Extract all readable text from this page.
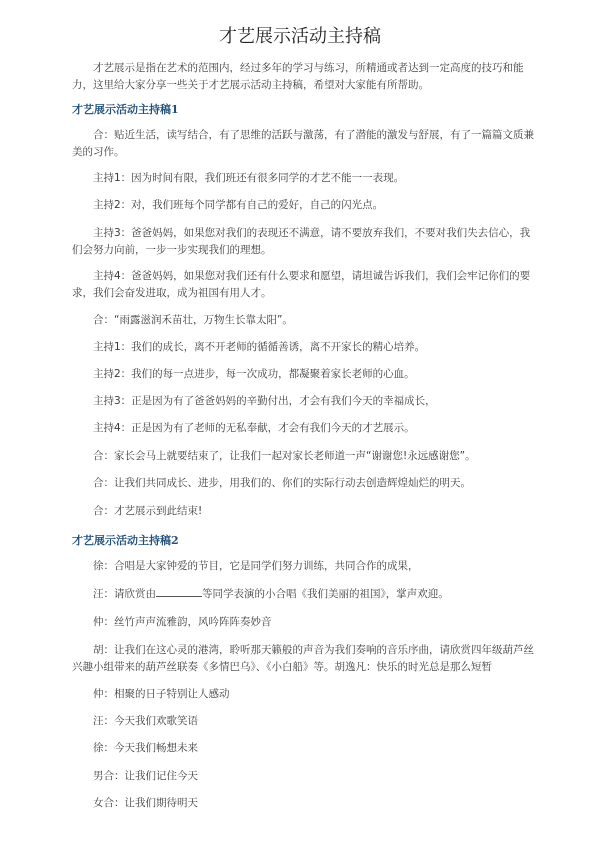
才艺展示活动主持稿
才艺展示是指在艺术的范围内，经过多年的学习与练习，所精通或者达到一定高度的技巧和能力，这里给大家分享一些关于才艺展示活动主持稿，希望对大家能有所帮助。
才艺展示活动主持稿1
合：贴近生活，读写结合，有了思维的活跃与激荡，有了潜能的激发与舒展，有了一篇篇文质兼美的习作。
主持1：因为时间有限，我们班还有很多同学的才艺不能一一表现。
主持2：对，我们班每个同学都有自己的爱好，自己的闪光点。
主持3：爸爸妈妈，如果您对我们的表现还不满意，请不要放弃我们，不要对我们失去信心，我们会努力向前，一步一步实现我们的理想。
主持4：爸爸妈妈，如果您对我们还有什么要求和愿望，请坦诚告诉我们，我们会牢记你们的要求，我们会奋发进取，成为祖国有用人才。
合：“雨露滋润禾苗壮，万物生长靠太阳”。
主持1：我们的成长，离不开老师的循循善诱，离不开家长的精心培养。
主持2：我们的每一点进步，每一次成功，都凝聚着家长老师的心血。
主持3：正是因为有了爸爸妈妈的辛勤付出，才会有我们今天的幸福成长，
主持4：正是因为有了老师的无私奉献，才会有我们今天的才艺展示。
合：家长会马上就要结束了，让我们一起对家长老师道一声“谢谢您!永远感谢您”。
合：让我们共同成长、进步，用我们的、你们的实际行动去创造辉煌灿烂的明天。
合：才艺展示到此结束!
才艺展示活动主持稿2
徐：合唱是大家钟爱的节目，它是同学们努力训练，共同合作的成果，
汪：请欣赏由	等同学表演的小合唱《我们美丽的祖国》，掌声欢迎。
仲：丝竹声声流雅韵，风吟阵阵奏妙音
胡：让我们在这心灵的港湾，聆听那天籁般的声音为我们奏响的音乐序曲，请欣赏四年级葫芦丝兴趣小组带来的葫芦丝联奏《多情巴乌》、《小白船》等。胡逸凡：快乐的时光总是那么短暂
仲：相聚的日子特别让人感动
汪：今天我们欢歌笑语
徐：今天我们畅想未来
男合：让我们记住今天
女合：让我们期待明天
